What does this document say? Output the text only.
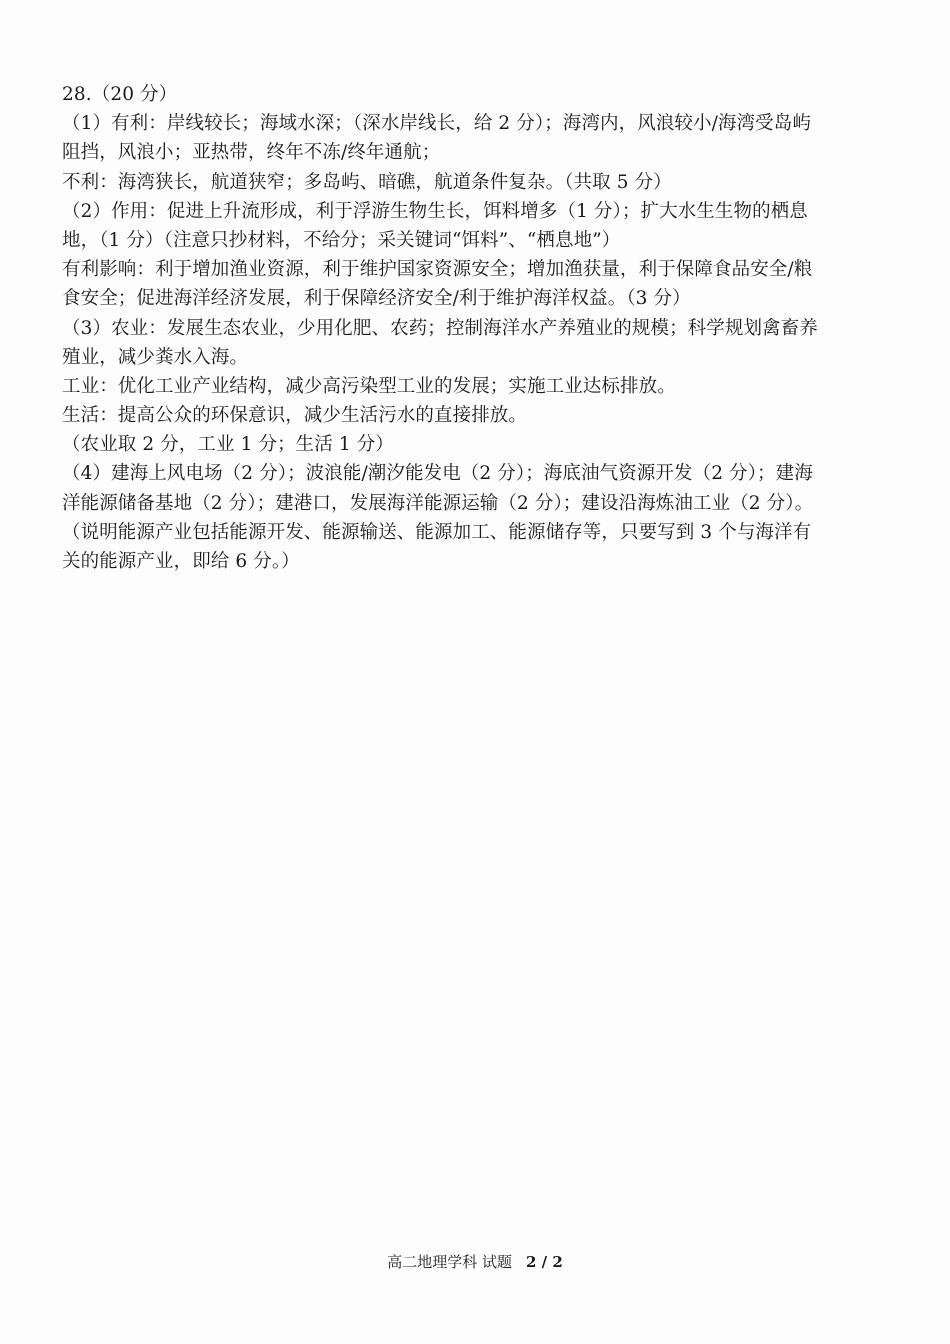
28.（20 分）
（1）有利：岸线较长；海域水深；（深水岸线长，给 2 分）；海湾内，风浪较小/海湾受岛屿
阻挡，风浪小；亚热带，终年不冻/终年通航；
不利：海湾狭长，航道狭窄；多岛屿、暗礁，航道条件复杂。（共取 5 分）
（2）作用：促进上升流形成，利于浮游生物生长，饵料增多（1 分）；扩大水生生物的栖息
地，（1 分）（注意只抄材料，不给分；采关键词“饵料”、“栖息地”）
有利影响：利于增加渔业资源，利于维护国家资源安全；增加渔获量，利于保障食品安全/粮
食安全；促进海洋经济发展，利于保障经济安全/利于维护海洋权益。（3 分）
（3）农业：发展生态农业，少用化肥、农药；控制海洋水产养殖业的规模；科学规划禽畜养
殖业，减少粪水入海。
工业：优化工业产业结构，减少高污染型工业的发展；实施工业达标排放。
生活：提高公众的环保意识，减少生活污水的直接排放。
（农业取 2 分，工业 1 分；生活 1 分）
（4）建海上风电场（2 分）；波浪能/潮汐能发电（2 分）；海底油气资源开发（2 分）；建海
洋能源储备基地（2 分）；建港口，发展海洋能源运输（2 分）；建设沿海炼油工业（2 分）。
（说明能源产业包括能源开发、能源输送、能源加工、能源储存等，只要写到 3 个与海洋有
关的能源产业，即给 6 分。）
高二地理学科 试题 2 / 2
